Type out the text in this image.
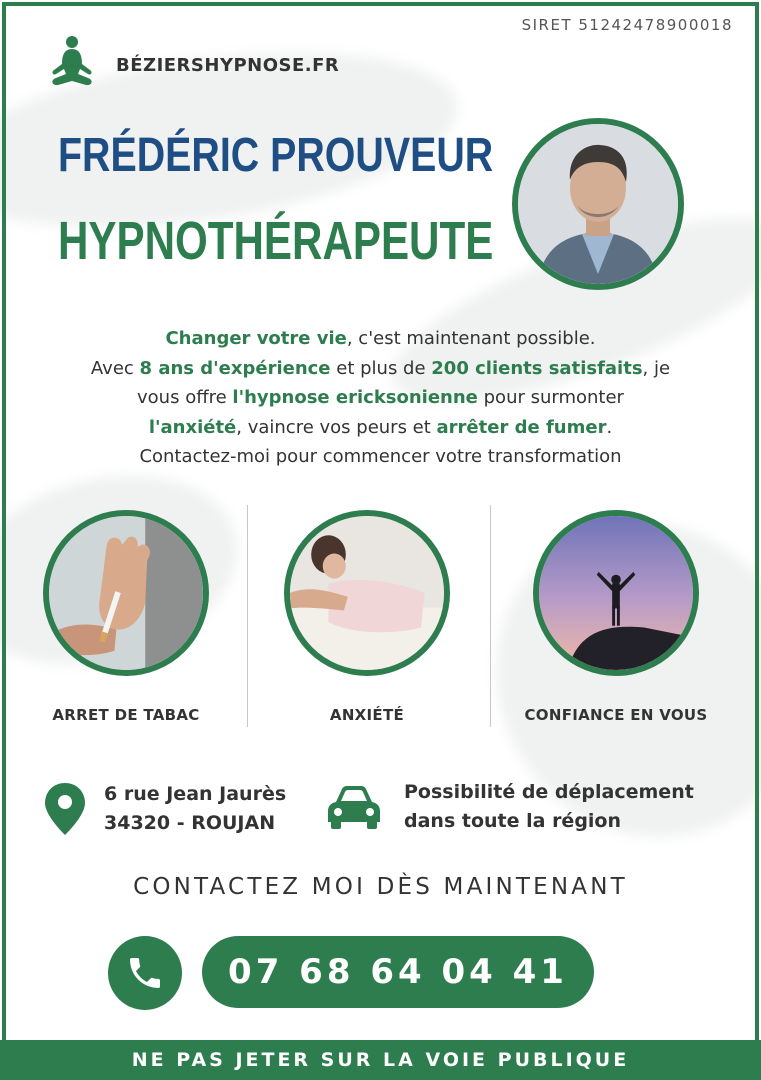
SIRET 51242478900018
BÉZIERSHYPNOSE.FR
FRÉDÉRIC PROUVEUR
HYPNOTHÉRAPEUTE
Changer votre vie, c'est maintenant possible.
Avec 8 ans d'expérience et plus de 200 clients satisfaits, je
vous offre l'hypnose ericksonienne pour surmonter
l'anxiété, vaincre vos peurs et arrêter de fumer.
Contactez-moi pour commencer votre transformation
ARRET DE TABAC	ANXIÉTÉ	CONFIANCE EN VOUS
6 rue Jean Jaurès
34320 - ROUJAN
Possibilité de déplacement
dans toute la région
CONTACTEZ MOI DÈS MAINTENANT
07 68 64 04 41
NE PAS JETER SUR LA VOIE PUBLIQUE
